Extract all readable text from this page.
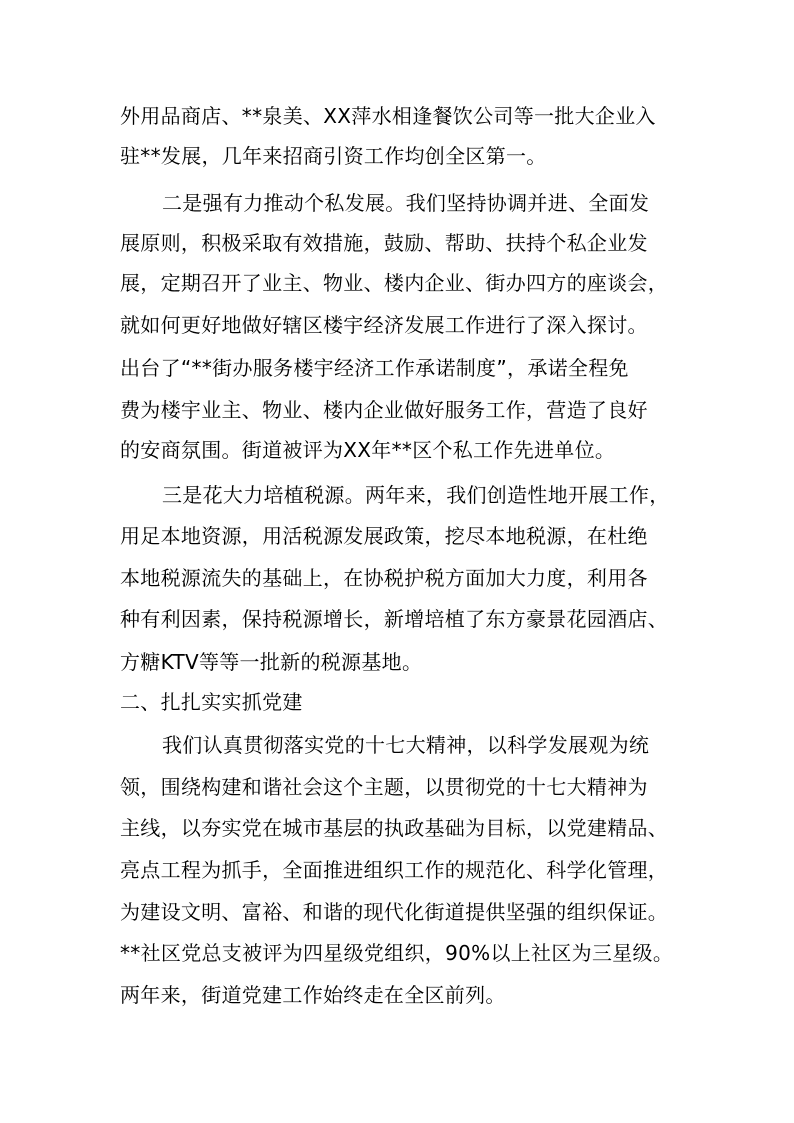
外用品商店、**泉美、XX萍水相逢餐饮公司等一批大企业入
驻**发展，几年来招商引资工作均创全区第一。
二是强有力推动个私发展。我们坚持协调并进、全面发
展原则，积极采取有效措施，鼓励、帮助、扶持个私企业发
展，定期召开了业主、物业、楼内企业、街办四方的座谈会，
就如何更好地做好辖区楼宇经济发展工作进行了深入探讨。
出台了“**街办服务楼宇经济工作承诺制度”，承诺全程免
费为楼宇业主、物业、楼内企业做好服务工作，营造了良好
的安商氛围。街道被评为XX年**区个私工作先进单位。
三是花大力培植税源。两年来，我们创造性地开展工作，
用足本地资源，用活税源发展政策，挖尽本地税源，在杜绝
本地税源流失的基础上，在协税护税方面加大力度，利用各
种有利因素，保持税源增长，新增培植了东方豪景花园酒店、
方糖KTV等等一批新的税源基地。
二、扎扎实实抓党建
我们认真贯彻落实党的十七大精神，以科学发展观为统
领，围绕构建和谐社会这个主题，以贯彻党的十七大精神为
主线，以夯实党在城市基层的执政基础为目标，以党建精品、
亮点工程为抓手，全面推进组织工作的规范化、科学化管理，
为建设文明、富裕、和谐的现代化街道提供坚强的组织保证。
**社区党总支被评为四星级党组织，90%以上社区为三星级。
两年来，街道党建工作始终走在全区前列。
